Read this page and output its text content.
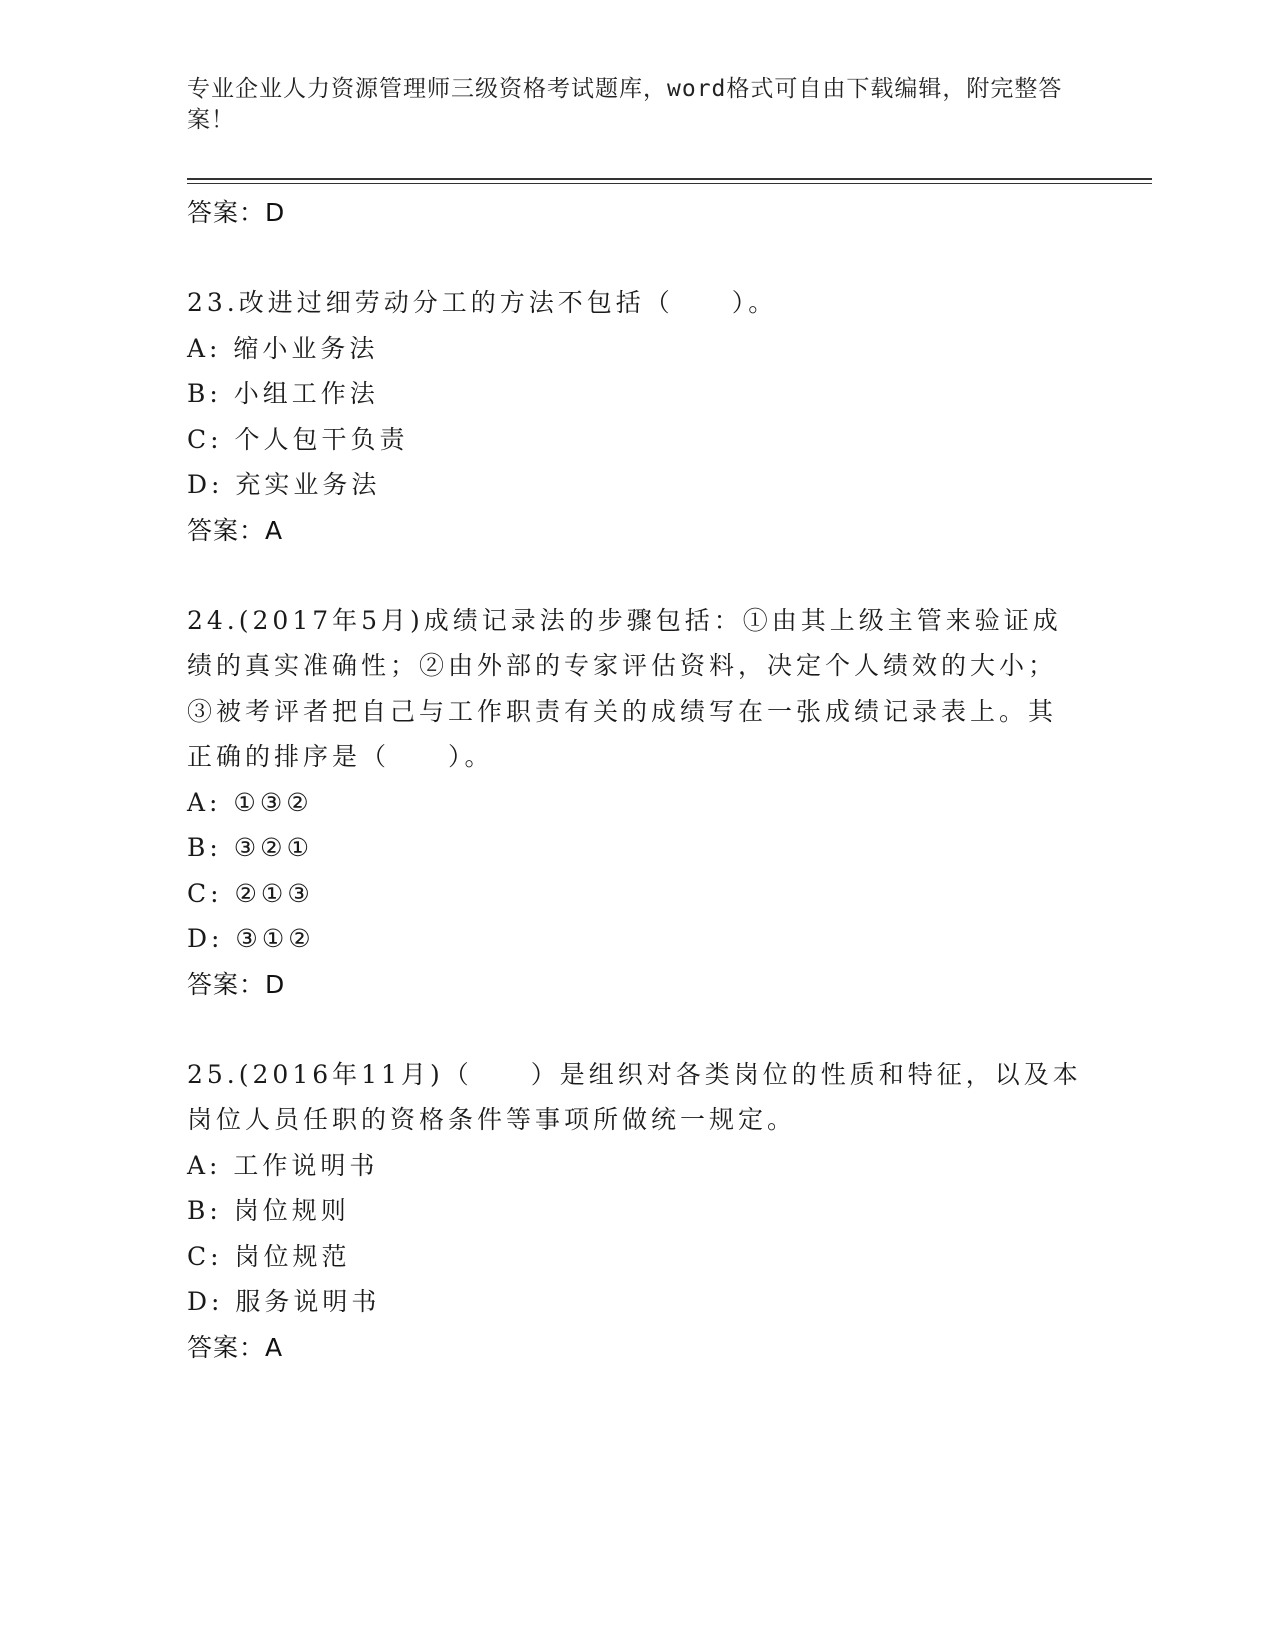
专业企业人力资源管理师三级资格考试题库，word格式可自由下载编辑，附完整答案！
答案：D
23.改进过细劳动分工的方法不包括（　　）。
A: 缩小业务法
B: 小组工作法
C: 个人包干负责
D: 充实业务法
答案：A
24.(2017年5月)成绩记录法的步骤包括：①由其上级主管来验证成绩的真实准确性；②由外部的专家评估资料，决定个人绩效的大小；③被考评者把自己与工作职责有关的成绩写在一张成绩记录表上。其正确的排序是（　　）。
A: ①③②
B: ③②①
C: ②①③
D: ③①②
答案：D
25.(2016年11月)（　　）是组织对各类岗位的性质和特征，以及本岗位人员任职的资格条件等事项所做统一规定。
A: 工作说明书
B: 岗位规则
C: 岗位规范
D: 服务说明书
答案：A
